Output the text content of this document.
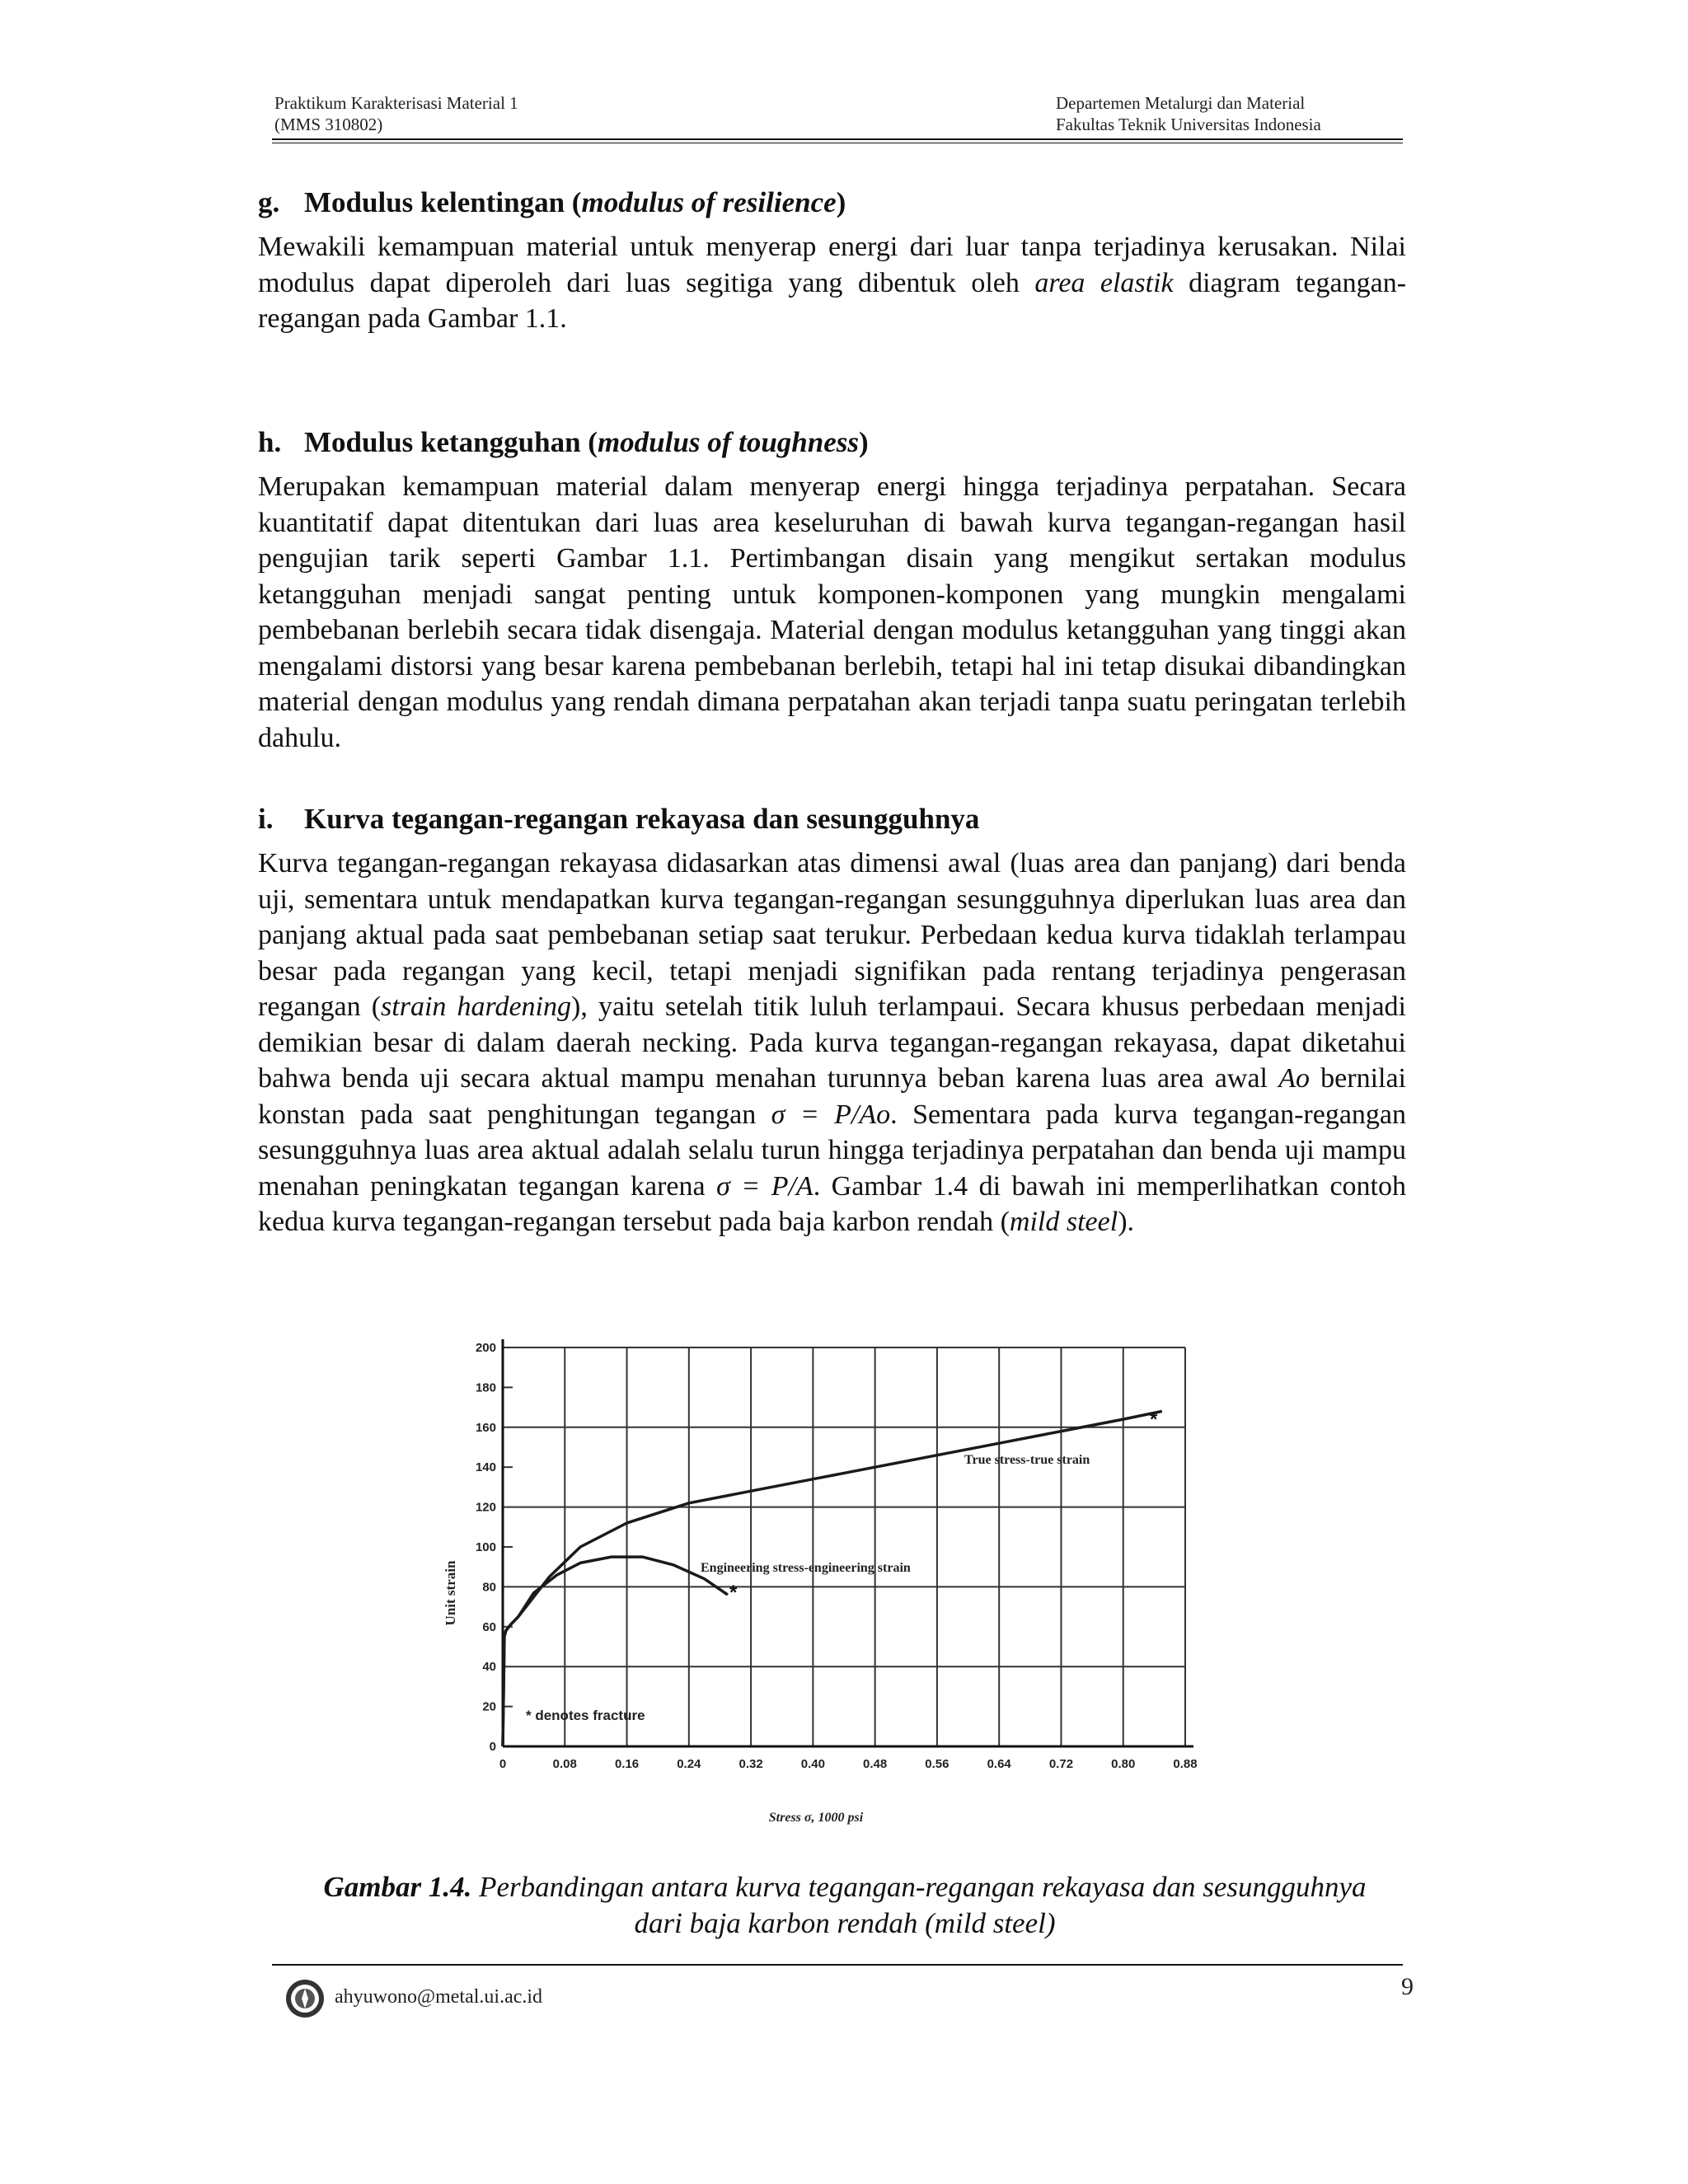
Praktikum Karakterisasi Material 1
(MMS 310802)
Departemen Metalurgi dan Material
Fakultas Teknik Universitas Indonesia
g. Modulus kelentingan (modulus of resilience)

Mewakili kemampuan material untuk menyerap energi dari luar tanpa terjadinya kerusakan. Nilai modulus dapat diperoleh dari luas segitiga yang dibentuk oleh area elastik diagram tegangan-regangan pada Gambar 1.1.

h. Modulus ketangguhan (modulus of toughness)

Merupakan kemampuan material dalam menyerap energi hingga terjadinya perpatahan. Secara kuantitatif dapat ditentukan dari luas area keseluruhan di bawah kurva tegangan-regangan hasil pengujian tarik seperti Gambar 1.1. Pertimbangan disain yang mengikut sertakan modulus ketangguhan menjadi sangat penting untuk komponen-komponen yang mungkin mengalami pembebanan berlebih secara tidak disengaja. Material dengan modulus ketangguhan yang tinggi akan mengalami distorsi yang besar karena pembebanan berlebih, tetapi hal ini tetap disukai dibandingkan material dengan modulus yang rendah dimana perpatahan akan terjadi tanpa suatu peringatan terlebih dahulu.

i. Kurva tegangan-regangan rekayasa dan sesungguhnya

Kurva tegangan-regangan rekayasa didasarkan atas dimensi awal (luas area dan panjang) dari benda uji, sementara untuk mendapatkan kurva tegangan-regangan sesungguhnya diperlukan luas area dan panjang aktual pada saat pembebanan setiap saat terukur. Perbedaan kedua kurva tidaklah terlampau besar pada regangan yang kecil, tetapi menjadi signifikan pada rentang terjadinya pengerasan regangan (strain hardening), yaitu setelah titik luluh terlampaui. Secara khusus perbedaan menjadi demikian besar di dalam daerah necking. Pada kurva tegangan-regangan rekayasa, dapat diketahui bahwa benda uji secara aktual mampu menahan turunnya beban karena luas area awal Ao bernilai konstan pada saat penghitungan tegangan σ = P/Ao. Sementara pada kurva tegangan-regangan sesungguhnya luas area aktual adalah selalu turun hingga terjadinya perpatahan dan benda uji mampu menahan peningkatan tegangan karena σ = P/A. Gambar 1.4 di bawah ini memperlihatkan contoh kedua kurva tegangan-regangan tersebut pada baja karbon rendah (mild steel).

0	0.08	0.16	0.24	0.32	0.40	0.48	0.56	0.64	0.72	0.80	0.88
0
20
40
60
80
100
120
140
160
180
200
Stress σ, 1000 psi
Unit strain
True stress-true strain
Engineering stress-engineering strain
* denotes fracture
*
*
Gambar 1.4. Perbandingan antara kurva tegangan-regangan rekayasa dan sesungguhnya
dari baja karbon rendah (mild steel)
ahyuwono@metal.ui.ac.id	9
